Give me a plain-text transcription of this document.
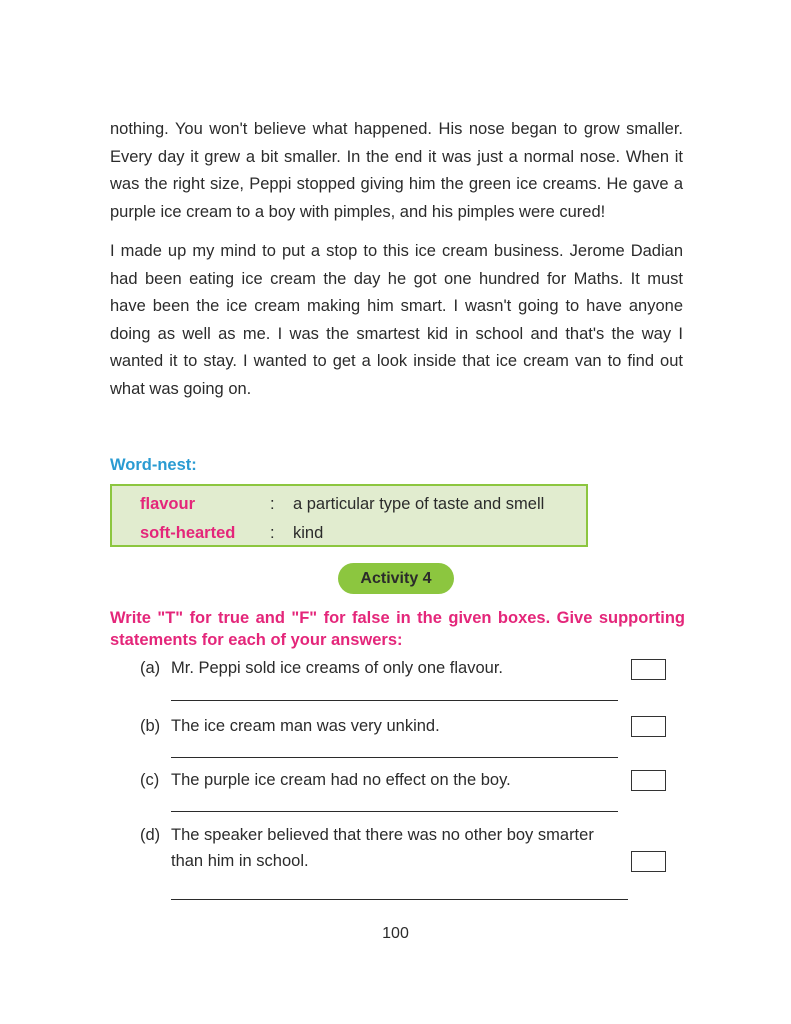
nothing. You won't believe what happened. His nose began to grow smaller. Every day it grew a bit smaller. In the end it was just a normal nose. When it was the right size, Peppi stopped giving him the green ice creams. He gave a purple ice cream to a boy with pimples, and his pimples were cured!

I made up my mind to put a stop to this ice cream business. Jerome Dadian had been eating ice cream the day he got one hundred for Maths. It must have been the ice cream making him smart. I wasn't going to have anyone doing as well as me. I was the smartest kid in school and that's the way I wanted it to stay. I wanted to get a look inside that ice cream van to find out what was going on.

Word-nest:

flavour	: a particular type of taste and smell
soft-hearted : kind
Activity 4

Write "T" for true and "F" for false in the given boxes. Give supporting statements for each of your answers:

(a) Mr. Peppi sold ice creams of only one flavour.
(b) The ice cream man was very unkind.
(c) The purple ice cream had no effect on the boy.
(d) The speaker believed that there was no other boy smarter than him in school.
100
